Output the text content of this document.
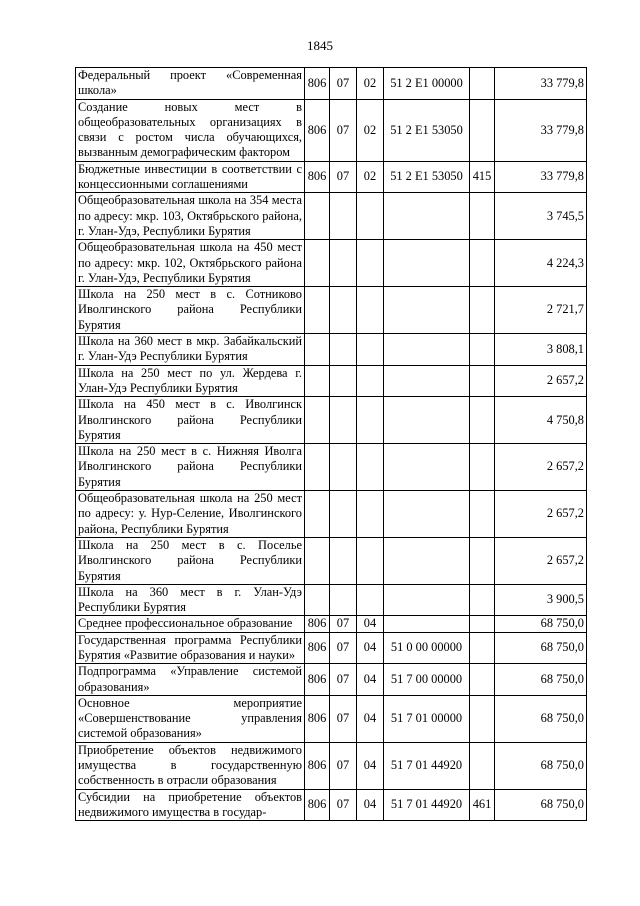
1845
Федеральный проект «Современная школа»	806	07	02	51 2 E1 00000		33 779,8
Создание новых мест в общеобразовательных организациях в связи с ростом числа обучающихся, вызванным демографическим фактором	806	07	02	51 2 E1 53050		33 779,8
Бюджетные инвестиции в соответствии с концессионными соглашениями	806	07	02	51 2 E1 53050	415	33 779,8
Общеобразовательная школа на 354 места по адресу: мкр. 103, Октябрьского района, г. Улан-Удэ, Республики Бурятия						3 745,5
Общеобразовательная школа на 450 мест по адресу: мкр. 102, Октябрьского района г. Улан-Удэ, Республики Бурятия						4 224,3
Школа на 250 мест в с. Сотниково Иволгинского района Республики Бурятия						2 721,7
Школа на 360 мест в мкр. Забайкальский г. Улан-Удэ Республики Бурятия						3 808,1
Школа на 250 мест по ул. Жердева г. Улан-Удэ Республики Бурятия						2 657,2
Школа на 450 мест в с. Иволгинск Иволгинского района Республики Бурятия						4 750,8
Школа на 250 мест в с. Нижняя Иволга Иволгинского района Республики Бурятия						2 657,2
Общеобразовательная школа на 250 мест по адресу: у. Нур-Селение, Иволгинского района, Республики Бурятия						2 657,2
Школа на 250 мест в с. Поселье Иволгинского района Республики Бурятия						2 657,2
Школа на 360 мест в г. Улан-Удэ Республики Бурятия						3 900,5
Среднее профессиональное образование	806	07	04			68 750,0
Государственная программа Республики Бурятия «Развитие образования и науки»	806	07	04	51 0 00 00000		68 750,0
Подпрограмма «Управление системой образования»	806	07	04	51 7 00 00000		68 750,0
Основное мероприятие «Совершенствование управления системой образования»	806	07	04	51 7 01 00000		68 750,0
Приобретение объектов недвижимого имущества в государственную собственность в отрасли образования	806	07	04	51 7 01 44920		68 750,0
Субсидии на приобретение объектов недвижимого имущества в государ-	806	07	04	51 7 01 44920	461	68 750,0
